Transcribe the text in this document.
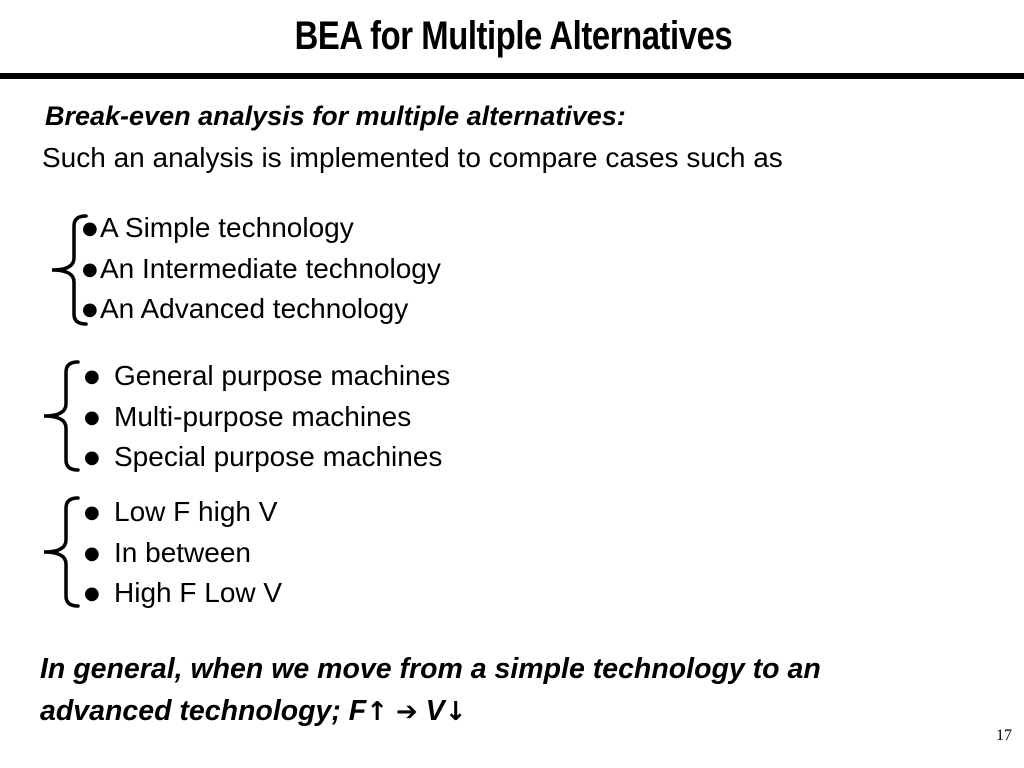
BEA for Multiple Alternatives
Break-even analysis for multiple alternatives:
Such an analysis is implemented to compare cases such as
●A Simple technology
●An Intermediate technology
●An Advanced technology
● General purpose machines
● Multi-purpose machines
● Special purpose machines
● Low F high V
● In between
● High F Low V
In general, when we move from a simple technology to an
advanced technology; F↑ ➔ V↓
17
